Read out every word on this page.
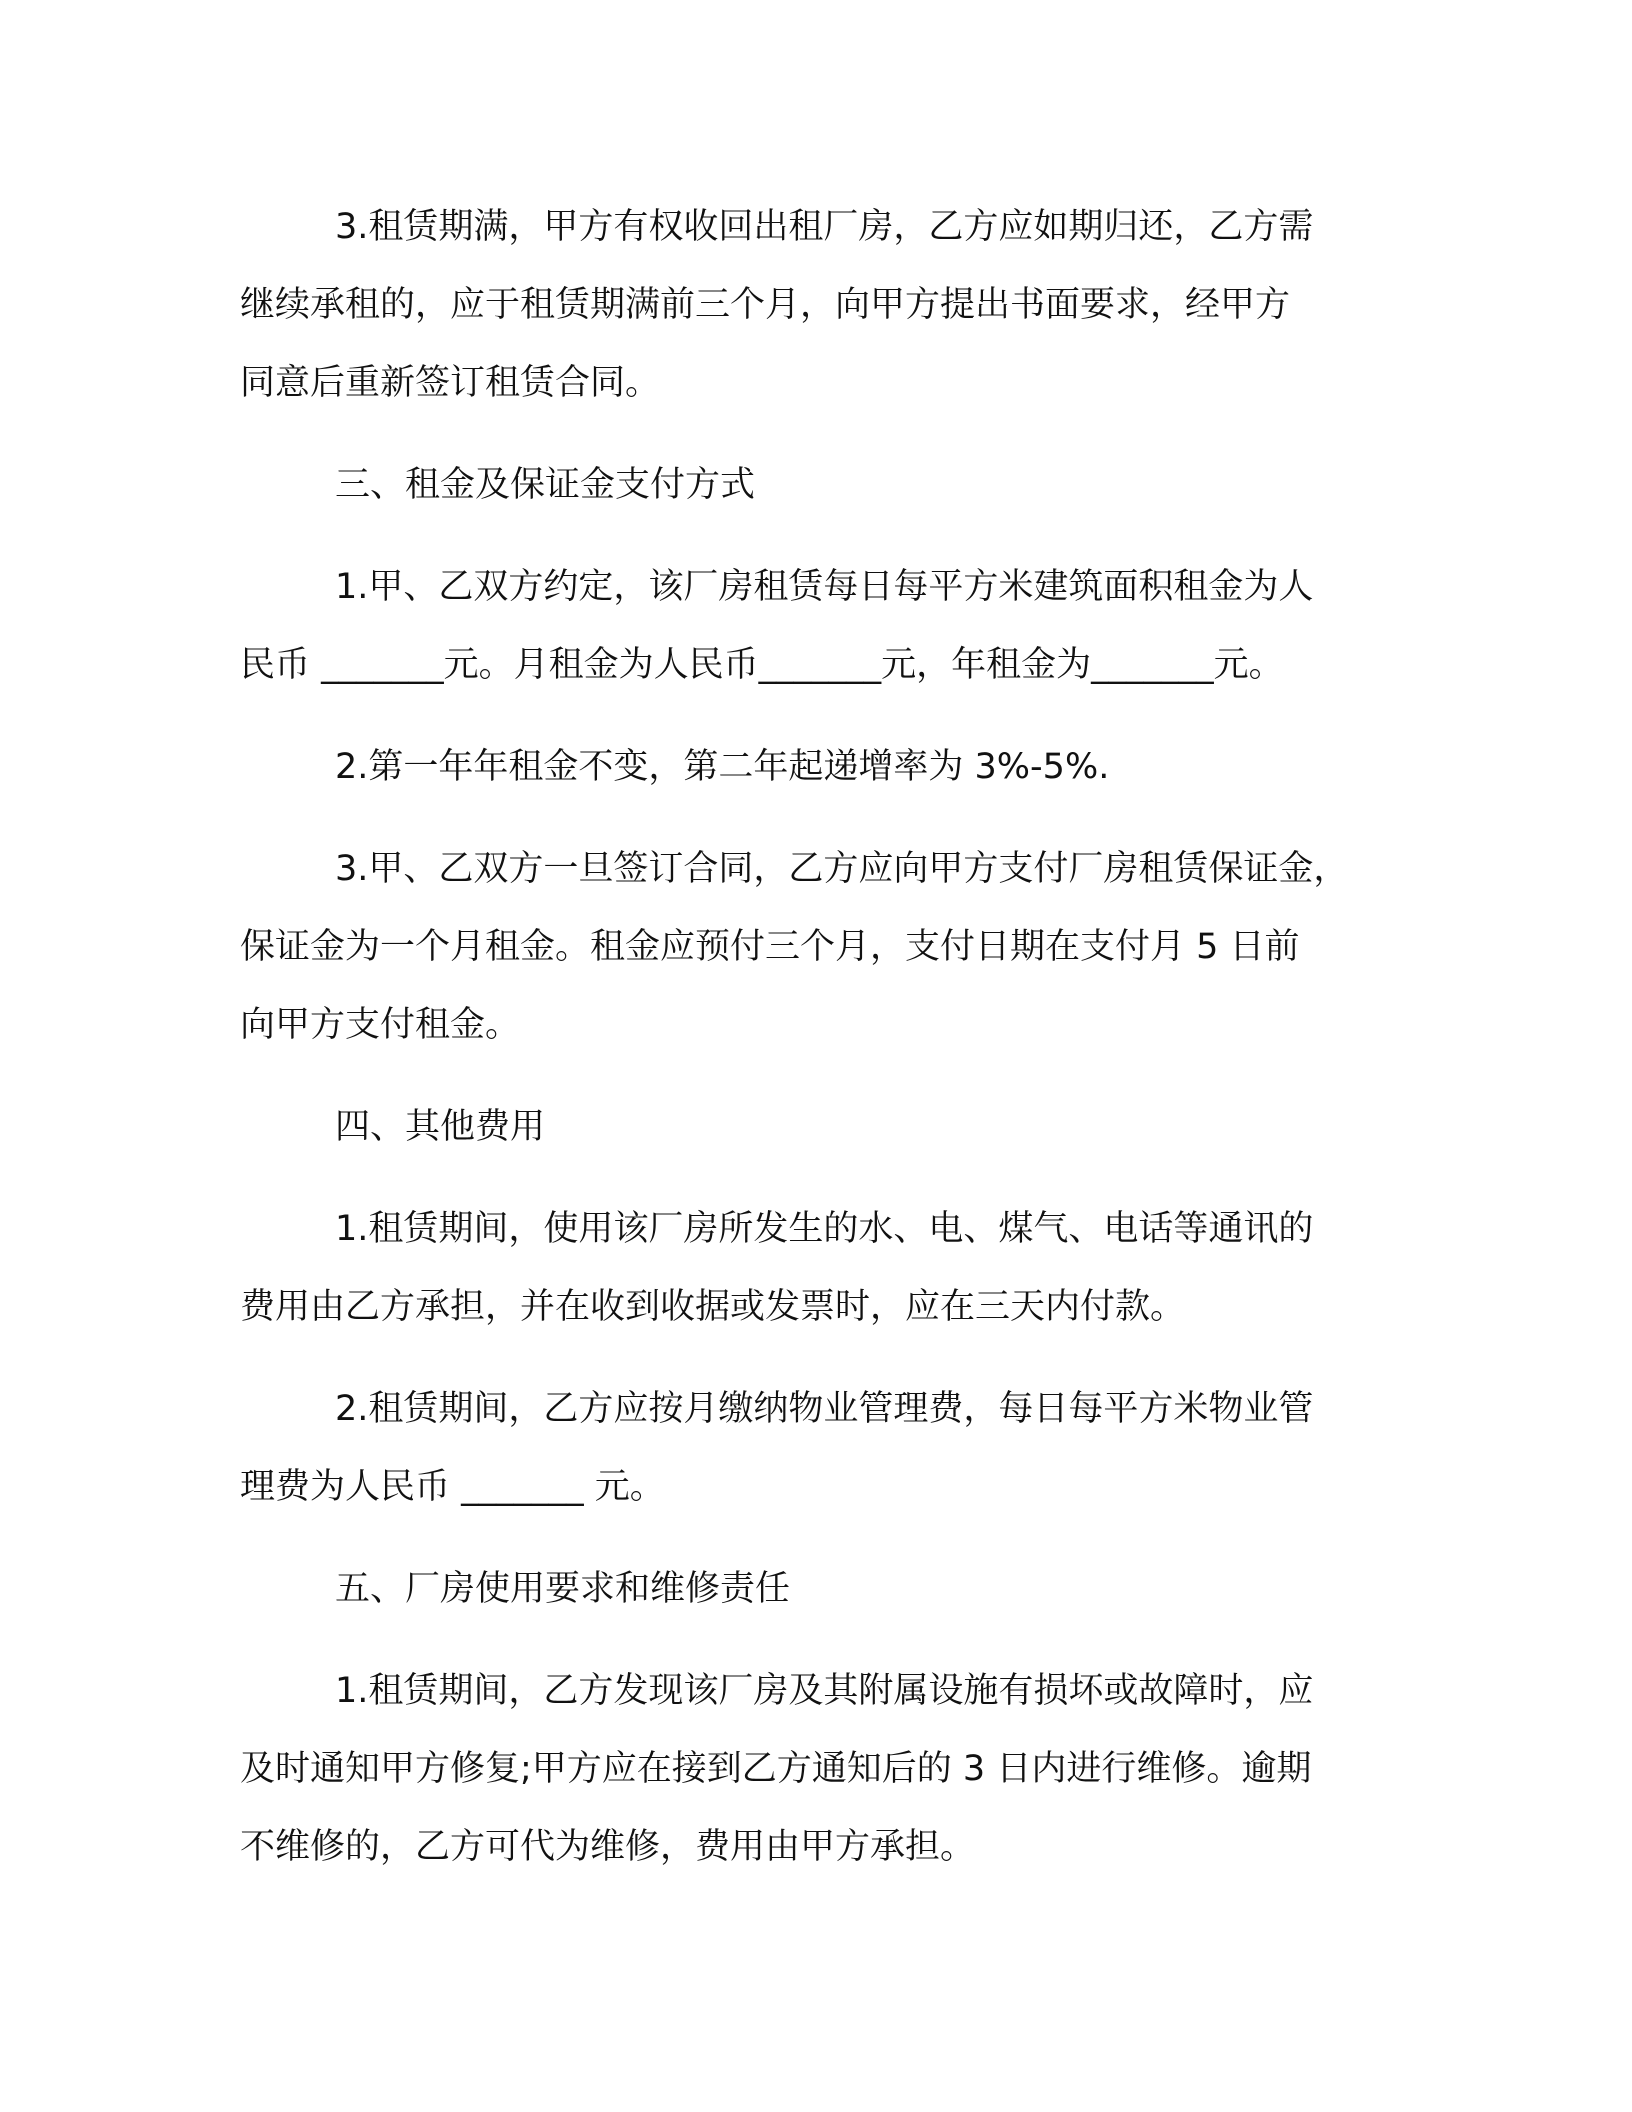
3.租赁期满，甲方有权收回出租厂房，乙方应如期归还，乙方需
继续承租的，应于租赁期满前三个月，向甲方提出书面要求，经甲方
同意后重新签订租赁合同。

三、租金及保证金支付方式

1.甲、乙双方约定，该厂房租赁每日每平方米建筑面积租金为人
民币 _______元。月租金为人民币_______元，年租金为_______元。

2.第一年年租金不变，第二年起递增率为 3%-5%.

3.甲、乙双方一旦签订合同，乙方应向甲方支付厂房租赁保证金，
保证金为一个月租金。租金应预付三个月，支付日期在支付月 5 日前
向甲方支付租金。

四、其他费用

1.租赁期间，使用该厂房所发生的水、电、煤气、电话等通讯的
费用由乙方承担，并在收到收据或发票时，应在三天内付款。

2.租赁期间，乙方应按月缴纳物业管理费，每日每平方米物业管
理费为人民币 _______ 元。

五、厂房使用要求和维修责任

1.租赁期间，乙方发现该厂房及其附属设施有损坏或故障时，应
及时通知甲方修复;甲方应在接到乙方通知后的 3 日内进行维修。逾期
不维修的，乙方可代为维修，费用由甲方承担。
